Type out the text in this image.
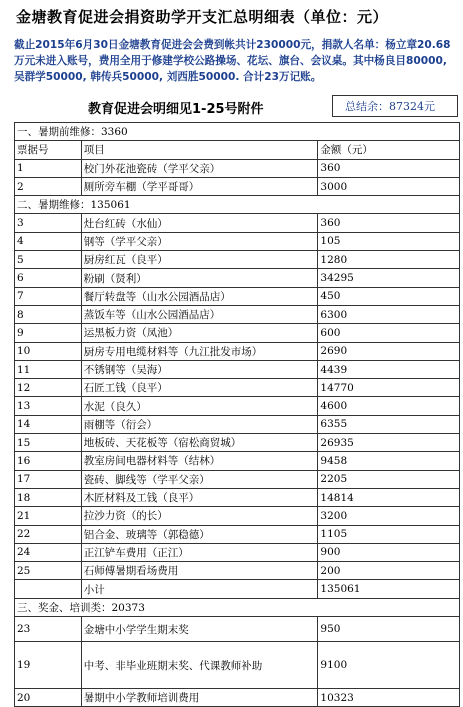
金塘教育促进会捐资助学开支汇总明细表（单位：元）
截止2015年6月30日金塘教育促进会会费到帐共计230000元，捐款人名单：杨立章20.68万元未进入账号，费用全用于修建学校公路操场、花坛、旗台、会议桌。其中杨良目80000, 吴群学50000, 韩传兵50000, 刘西胜50000. 合计23万记账。
教育促进会明细见1-25号附件	总结余：87324元
一、暑期前维修：3360		
票据号	项目	金额（元）
1	校门外花池瓷砖（学平父亲）	360
2	厕所旁车棚（学平哥哥）	3000
二、暑期维修：135061		
3	灶台红砖（水仙）	360
4	钢等（学平父亲）	105
5	厨房红瓦（良平）	1280
6	粉刷（贤利）	34295
7	餐厅转盘等（山水公园酒品店）	450
8	蒸饭车等（山水公园酒品店）	6300
9	运黑板力资（凤池）	600
10	厨房专用电缆材料等（九江批发市场）	2690
11	不锈钢等（吴海）	4439
12	石匠工钱（良平）	14770
13	水泥（良久）	4600
14	雨棚等（衍会）	6355
15	地板砖、天花板等（宿松商贸城）	26935
16	教室房间电器材料等（结林）	9458
17	瓷砖、脚线等（学平父亲）	2205
18	木匠材料及工钱（良平）	14814
21	拉沙力资（的长）	3200
22	铝合金、玻璃等（郭稳德）	1105
24	正江铲车费用（正江）	900
25	石师傅暑期看场费用	200
	小计	135061
三、奖金、培训类：20373		
23	金塘中小学学生期末奖	950
19	中考、非毕业班期末奖、代课教师补助	9100
20	暑期中小学教师培训费用	10323
